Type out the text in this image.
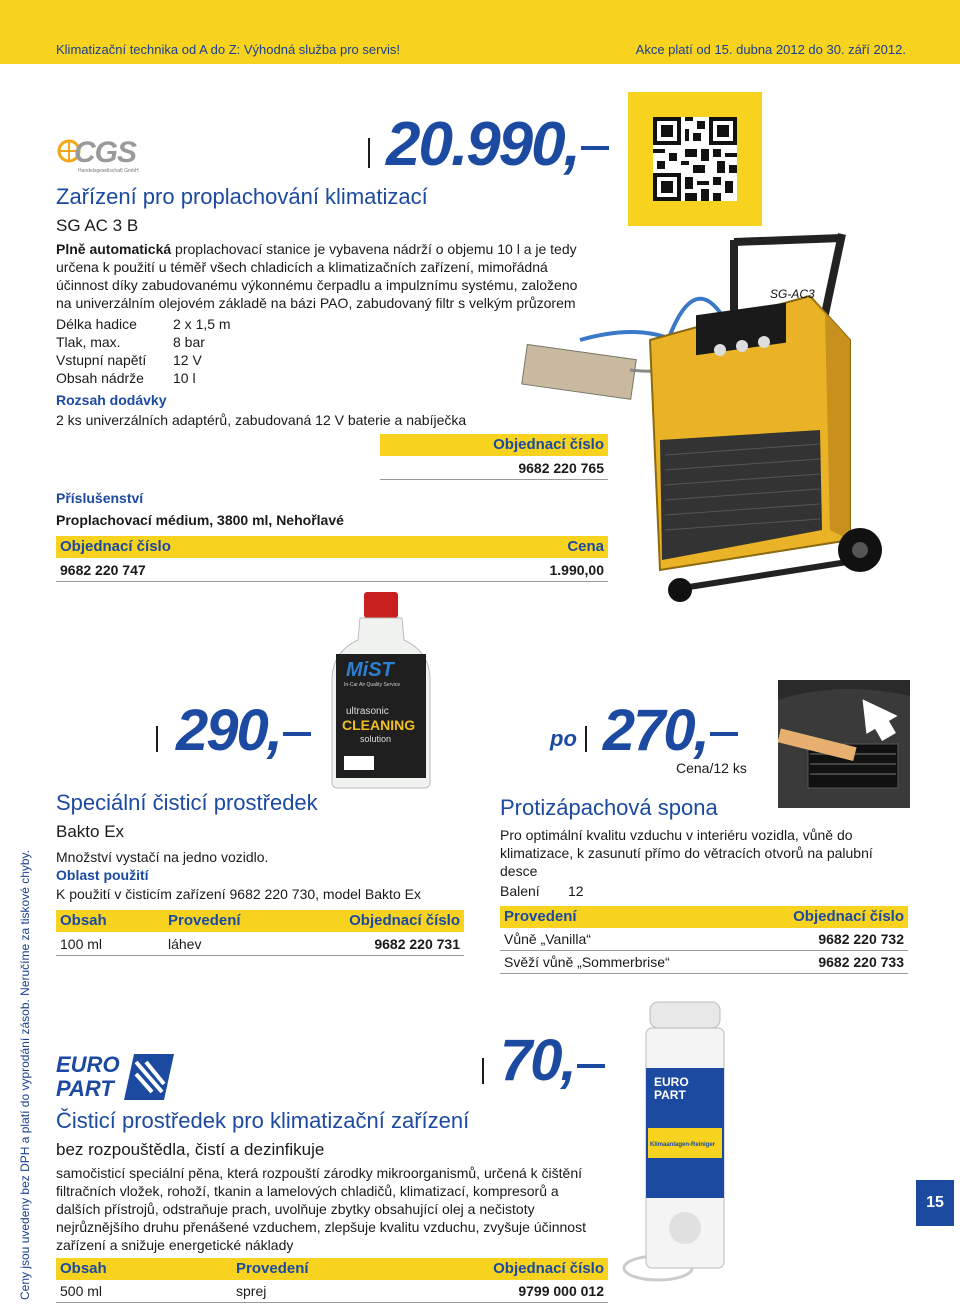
Klimatizační technika od A do Z: Výhodná služba pro servis!	Akce platí od 15. dubna 2012 do 30. září 2012.
CGS
Handelsgesellschaft GmbH	20.990,
Zařízení pro proplachování klimatizací
SG AC 3 B
Plně automatická proplachovací stanice je vybavena nádrží o objemu 10 l a je tedy
určena k použití u téměř všech chladicích a klimatizačních zařízení, mimořádná
účinnost díky zabudovanému výkonnému čerpadlu a impulznímu systému, založeno
na univerzálním olejovém základě na bázi PAO, zabudovaný filtr s velkým průzorem
Délka hadice	2 x 1,5 m
Tlak, max.	8 bar
Vstupní napětí	12 V
Obsah nádrže	10 l
Rozsah dodávky
2 ks univerzálních adaptérů, zabudovaná 12 V baterie a nabíječka
Objednací číslo
9682 220 765
Příslušenství
Proplachovací médium, 3800 ml, Nehořlavé
Objednací číslo	Cena
9682 220 747	1.990,00
SG-AC3
MiST
In-Car Air Quality Service
ultrasonic
CLEANING
solution
290,
Speciální čisticí prostředek
Bakto Ex
Množství vystačí na jedno vozidlo.
Oblast použití
K použití v čisticím zařízení 9682 220 730, model Bakto Ex
Obsah	Provedení	Objednací číslo
100 ml	láhev	9682 220 731
po 270,
Cena/12 ks
Protizápachová spona
Pro optimální kvalitu vzduchu v interiéru vozidla, vůně do
klimatizace, k zasunutí přímo do větracích otvorů na palubní
desce
Balení	12
Provedení	Objednací číslo
Vůně „Vanilla“	9682 220 732
Svěží vůně „Sommerbrise“	9682 220 733
EURO
PART
Klimaanlagen-Reiniger
EURO
PART	70,
Čisticí prostředek pro klimatizační zařízení
bez rozpouštědla, čistí a dezinfikuje
samočisticí speciální pěna, která rozpouští zárodky mikroorganismů, určená k čištění
filtračních vložek, rohoží, tkanin a lamelových chladičů, klimatizací, kompresorů a
dalších přístrojů, odstraňuje prach, uvolňuje zbytky obsahující olej a nečistoty
nejrůznějšího druhu přenášené vzduchem, zlepšuje kvalitu vzduchu, zvyšuje účinnost
zařízení a snižuje energetické náklady
Obsah	Provedení	Objednací číslo
500 ml	sprej	9799 000 012
Ceny jsou uvedeny bez DPH a platí do vyprodání zásob. Neručíme za tiskové chyby.	15
